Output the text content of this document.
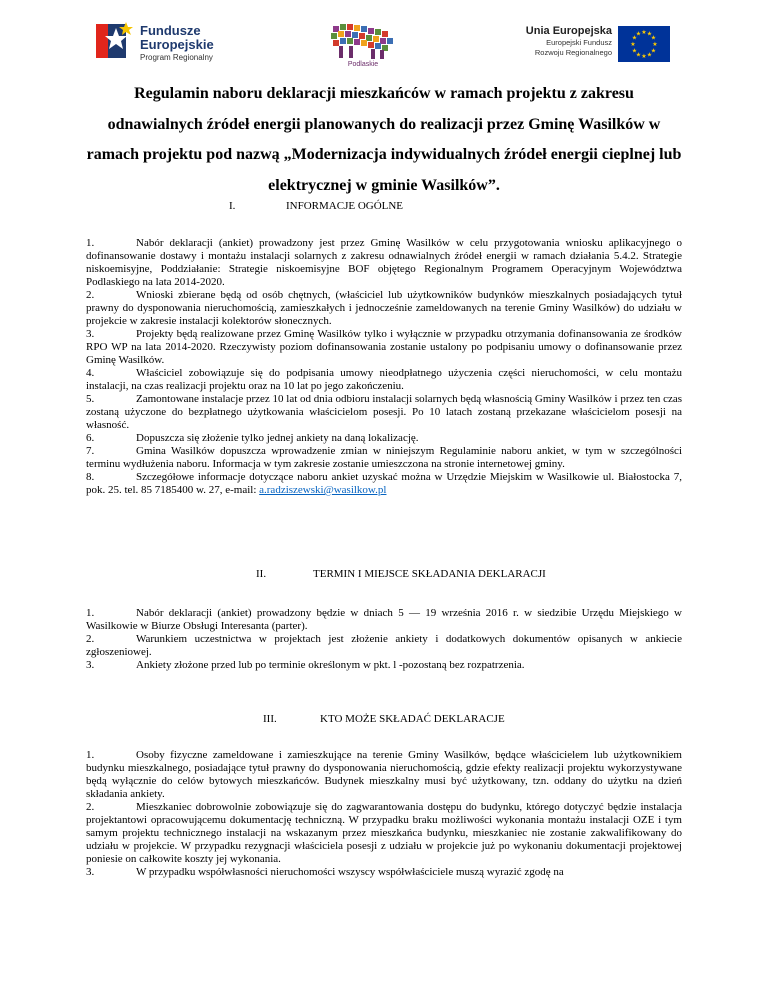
Fundusze
Europejskie
Program Regionalny
Podlaskie
Unia Europejska
Europejski Fundusz
Rozwoju Regionalnego
★ ★
★
★
★
★
★
★
★
★
★
★
Regulamin naboru deklaracji mieszkańców w ramach projektu z zakresu odnawialnych źródeł energii planowanych do realizacji przez Gminę Wasilków w ramach projektu pod nazwą „Modernizacja indywidualnych źródeł energii cieplnej lub elektrycznej w gminie Wasilków”.
I.	INFORMACJE OGÓLNE

1.	Nabór deklaracji (ankiet) prowadzony jest przez Gminę Wasilków w celu przygotowania wniosku aplikacyjnego o dofinansowanie dostawy i montażu instalacji solarnych z zakresu odnawialnych źródeł energii w ramach działania 5.4.2. Strategie niskoemisyjne, Poddziałanie: Strategie niskoemisyjne BOF objętego Regionalnym Programem Operacyjnym Województwa Podlaskiego na lata 2014-2020.

2.	Wnioski zbierane będą od osób chętnych, (właściciel lub użytkowników budynków mieszkalnych posiadających tytuł prawny do dysponowania nieruchomością, zamieszkałych i jednocześnie zameldowanych na terenie Gminy Wasilków) do udziału w projekcie w zakresie instalacji kolektorów słonecznych.

3.	Projekty będą realizowane przez Gminę Wasilków tylko i wyłącznie w przypadku otrzymania dofinansowania ze środków RPO WP na lata 2014-2020. Rzeczywisty poziom dofinansowania zostanie ustalony po podpisaniu umowy o dofinansowanie przez Gminę Wasilków.

4.	Właściciel zobowiązuje się do podpisania umowy nieodpłatnego użyczenia części nieruchomości, w celu montażu instalacji, na czas realizacji projektu oraz na 10 lat po jego zakończeniu.

5.	Zamontowane instalacje przez 10 lat od dnia odbioru instalacji solarnych będą własnością Gminy Wasilków i przez ten czas zostaną użyczone do bezpłatnego użytkowania właścicielom posesji. Po 10 latach zostaną przekazane właścicielom posesji na własność.

6.	Dopuszcza się złożenie tylko jednej ankiety na daną lokalizację.

7.	Gmina Wasilków dopuszcza wprowadzenie zmian w niniejszym Regulaminie naboru ankiet, w tym w szczególności terminu wydłużenia naboru. Informacja w tym zakresie zostanie umieszczona na stronie internetowej gminy.

8.	Szczegółowe informacje dotyczące naboru ankiet uzyskać można w Urzędzie Miejskim w Wasilkowie ul. Białostocka 7, pok. 25. tel. 85 7185400 w. 27, e-mail: a.radziszewski@wasilkow.pl

II.	TERMIN I MIEJSCE SKŁADANIA DEKLARACJI

1.	Nabór deklaracji (ankiet) prowadzony będzie w dniach 5 — 19 września 2016 r. w siedzibie Urzędu Miejskiego w Wasilkowie w Biurze Obsługi Interesanta (parter).

2.	Warunkiem uczestnictwa w projektach jest złożenie ankiety i dodatkowych dokumentów opisanych w ankiecie zgłoszeniowej.

3.	Ankiety złożone przed lub po terminie określonym w pkt. l -pozostaną bez rozpatrzenia.

III.	KTO MOŻE SKŁADAĆ DEKLARACJE

1.	Osoby fizyczne zameldowane i zamieszkujące na terenie Gminy Wasilków, będące właścicielem lub użytkownikiem budynku mieszkalnego, posiadające tytuł prawny do dysponowania nieruchomością, gdzie efekty realizacji projektu wykorzystywane będą wyłącznie do celów bytowych mieszkańców. Budynek mieszkalny musi być użytkowany, tzn. oddany do użytku na dzień składania ankiety.

2.	Mieszkaniec dobrowolnie zobowiązuje się do zagwarantowania dostępu do budynku, którego dotyczyć będzie instalacja projektantowi opracowującemu dokumentację techniczną. W przypadku braku możliwości wykonania montażu instalacji OZE i tym samym projektu technicznego instalacji na wskazanym przez mieszkańca budynku, mieszkaniec nie zostanie zakwalifikowany do udziału w projekcie. W przypadku rezygnacji właściciela posesji z udziału w projekcie już po wykonaniu dokumentacji projektowej poniesie on całkowite koszty jej wykonania.

3.	W przypadku współwłasności nieruchomości wszyscy współwłaściciele muszą wyrazić zgodę na
